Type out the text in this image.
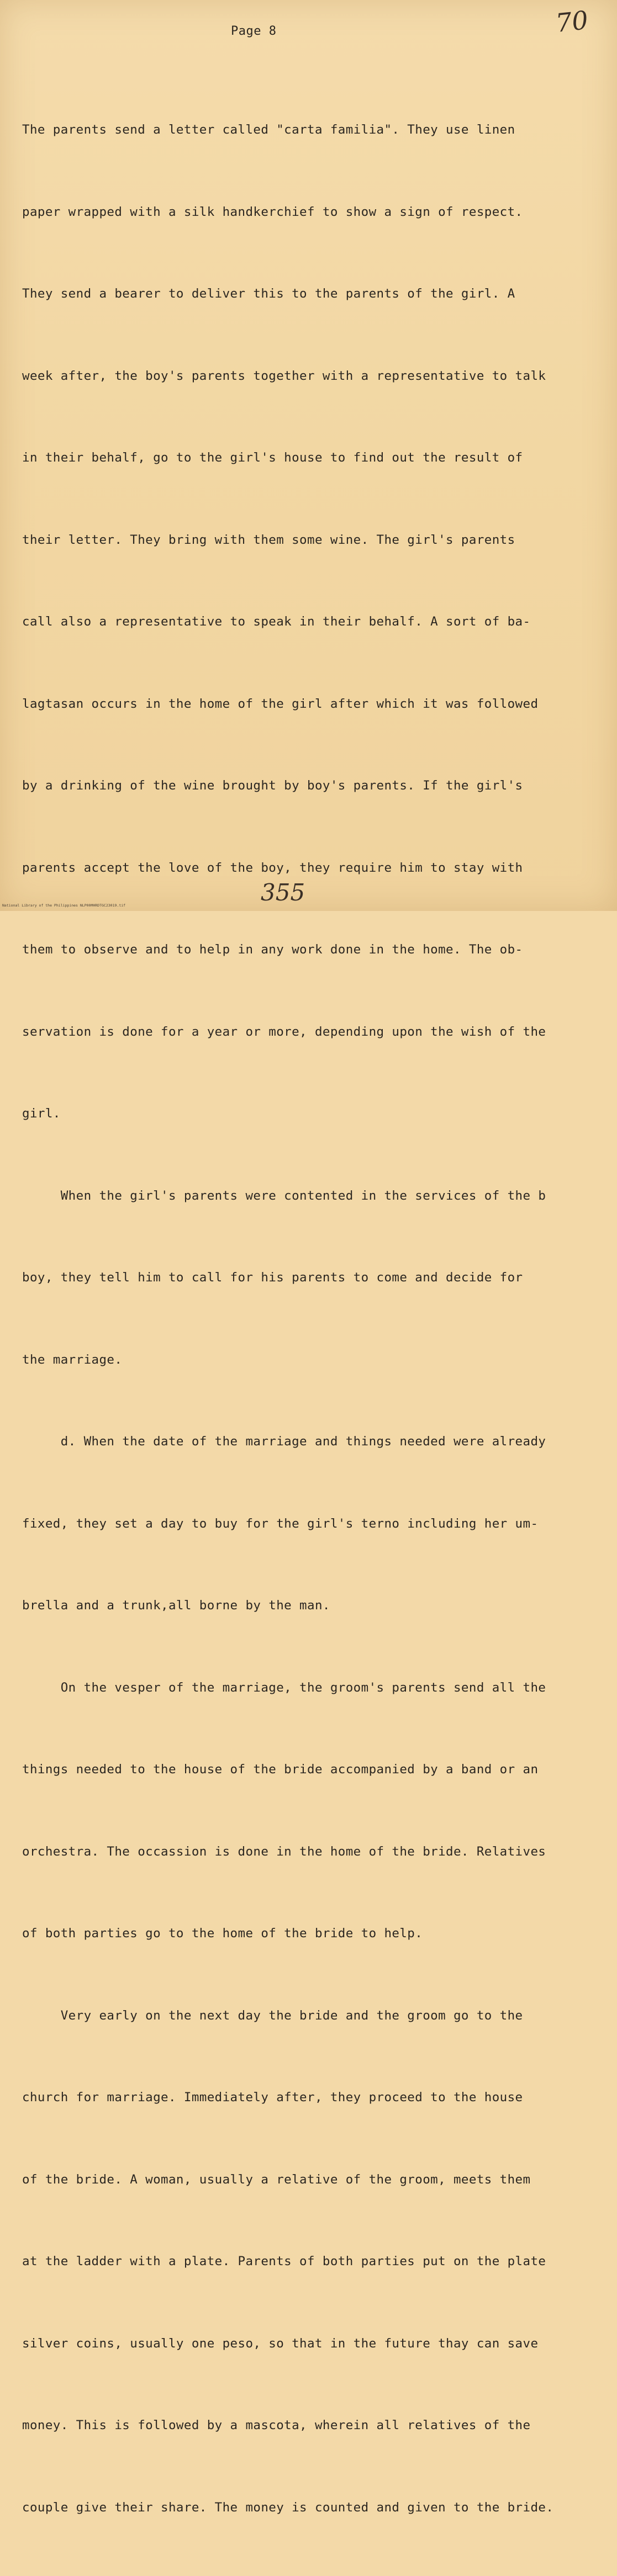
Page 8	70

The parents send a letter called "carta familia". They use linen

paper wrapped with a silk handkerchief to show a sign of respect.

They send a bearer to deliver this to the parents of the girl. A

week after, the boy's parents together with a representative to talk

in their behalf, go to the girl's house to find out the result of

their letter. They bring with them some wine. The girl's parents

call also a representative to speak in their behalf. A sort of ba-

lagtasan occurs in the home of the girl after which it was followed

by a drinking of the wine brought by boy's parents. If the girl's

parents accept the love of the boy, they require him to stay with

them to observe and to help in any work done in the home. The ob-

servation is done for a year or more, depending upon the wish of the

girl.

When the girl's parents were contented in the services of the b

boy, they tell him to call for his parents to come and decide for

the marriage.

d. When the date of the marriage and things needed were already

fixed, they set a day to buy for the girl's terno including her um-

brella and a trunk,all borne by the man.

On the vesper of the marriage, the groom's parents send all the

things needed to the house of the bride accompanied by a band or an

orchestra. The occassion is done in the home of the bride. Relatives

of both parties go to the home of the bride to help.

Very early on the next day the bride and the groom go to the

church for marriage. Immediately after, they proceed to the house

of the bride. A woman, usually a relative of the groom, meets them

at the ladder with a plate. Parents of both parties put on the plate

silver coins, usually one peso, so that in the future thay can save

money. This is followed by a mascota, wherein all relatives of the

couple give their share. The money is counted and given to the bride.

355
National Library of the Philippines NLP00MHRDTGC23019.tif
